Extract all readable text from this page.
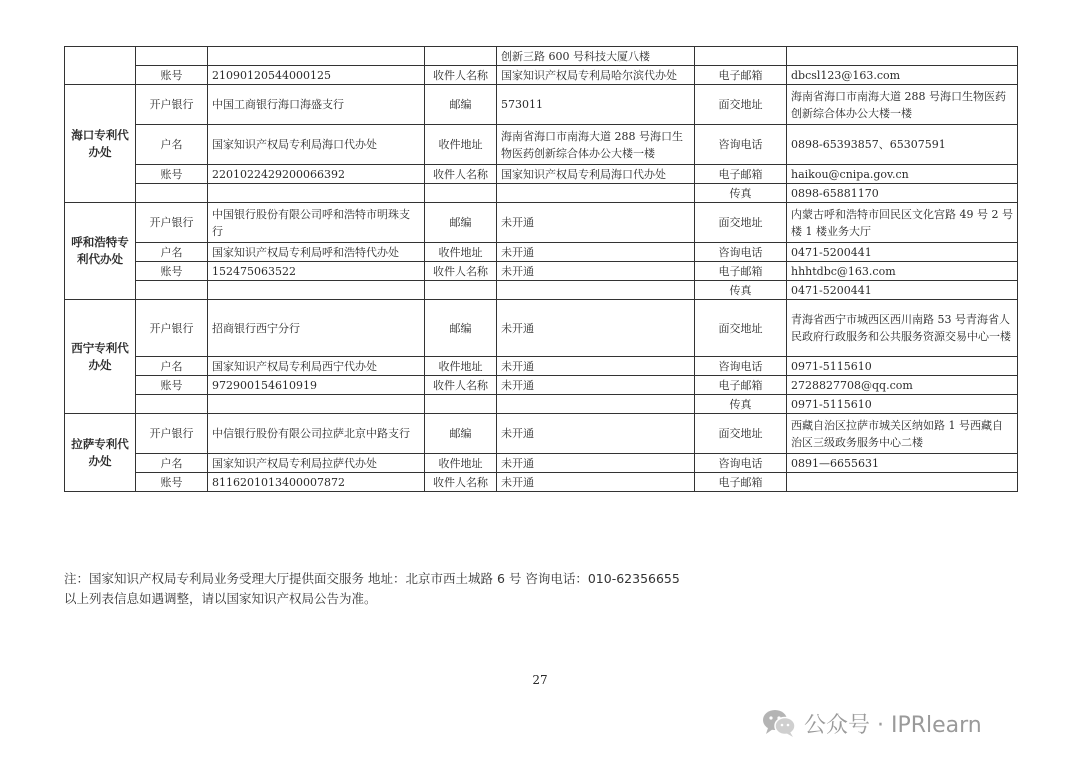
				创新三路 600 号科技大厦八楼		
	账号	21090120544000125	收件人名称	国家知识产权局专利局哈尔滨代办处	电子邮箱	dbcsl123@163.com
海口专利代办处	开户银行	中国工商银行海口海盛支行	邮编	573011	面交地址	海南省海口市南海大道 288 号海口生物医药创新综合体办公大楼一楼
	户名	国家知识产权局专利局海口代办处	收件地址	海南省海口市南海大道 288 号海口生物医药创新综合体办公大楼一楼	咨询电话	0898-65393857、65307591
	账号	2201022429200066392	收件人名称	国家知识产权局专利局海口代办处	电子邮箱	haikou@cnipa.gov.cn
					传真	0898-65881170
呼和浩特专利代办处	开户银行	中国银行股份有限公司呼和浩特市明珠支行	邮编	未开通	面交地址	内蒙古呼和浩特市回民区文化宫路 49 号 2 号楼 1 楼业务大厅
	户名	国家知识产权局专利局呼和浩特代办处	收件地址	未开通	咨询电话	0471-5200441
	账号	152475063522	收件人名称	未开通	电子邮箱	hhhtdbc@163.com
					传真	0471-5200441
西宁专利代办处	开户银行	招商银行西宁分行	邮编	未开通	面交地址	青海省西宁市城西区西川南路 53 号青海省人民政府行政服务和公共服务资源交易中心一楼
	户名	国家知识产权局专利局西宁代办处	收件地址	未开通	咨询电话	0971-5115610
	账号	972900154610919	收件人名称	未开通	电子邮箱	2728827708@qq.com
					传真	0971-5115610
拉萨专利代办处	开户银行	中信银行股份有限公司拉萨北京中路支行	邮编	未开通	面交地址	西藏自治区拉萨市城关区纳如路 1 号西藏自治区三级政务服务中心二楼
	户名	国家知识产权局专利局拉萨代办处	收件地址	未开通	咨询电话	0891—6655631
	账号	8116201013400007872	收件人名称	未开通	电子邮箱	
注：国家知识产权局专利局业务受理大厅提供面交服务 地址：北京市西土城路 6 号 咨询电话：010-62356655
以上列表信息如遇调整，请以国家知识产权局公告为准。
27
公众号 · IPRlearn
